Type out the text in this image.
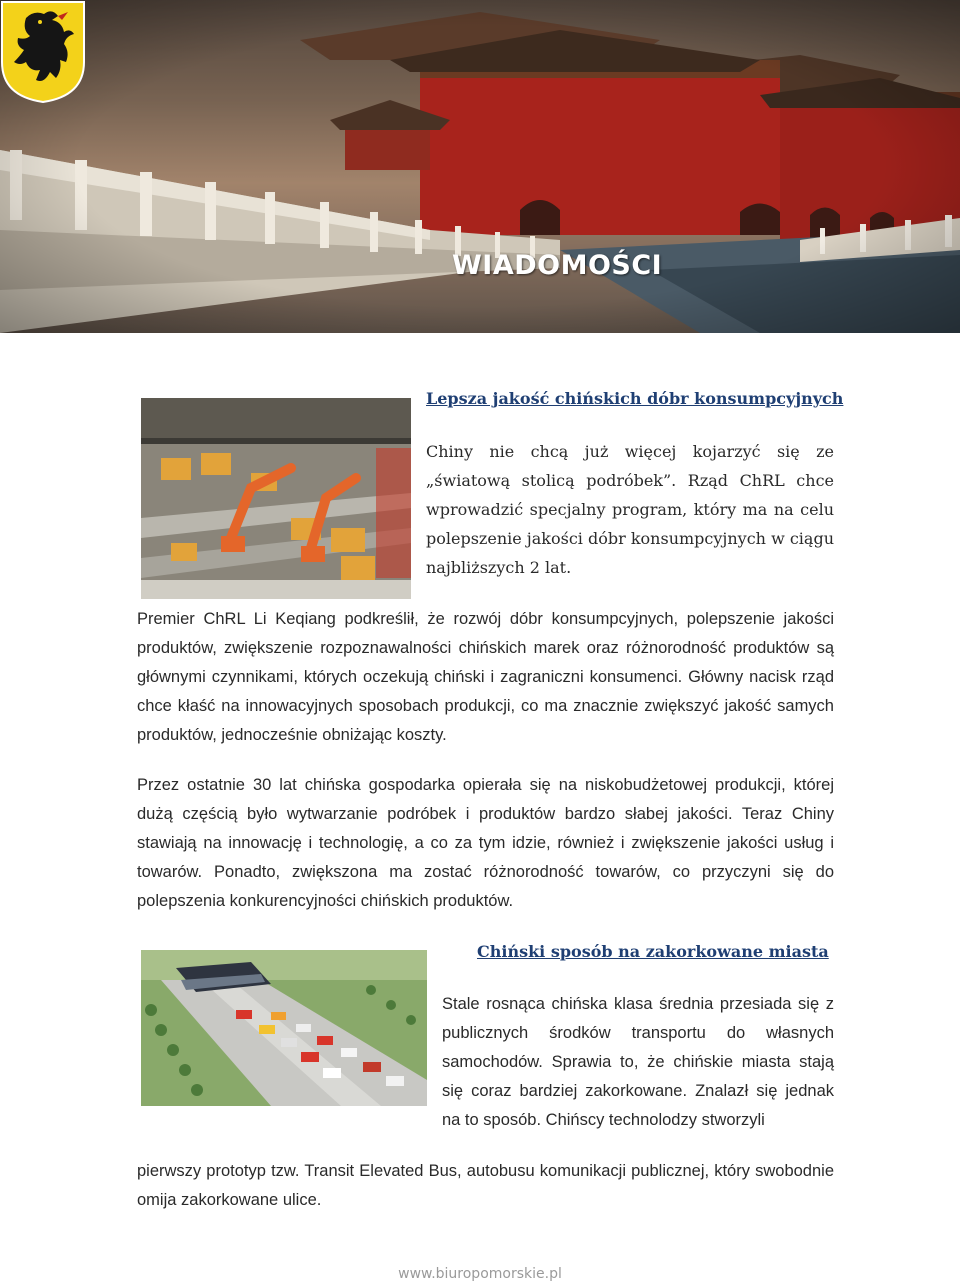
WIADOMOŚCI
Lepsza jakość chińskich dóbr konsumpcyjnych

Chiny nie chcą już więcej kojarzyć się ze „światową stolicą podróbek”. Rząd ChRL chce wprowadzić specjalny program, który ma na celu polepszenie jakości dóbr konsumpcyjnych w ciągu najbliższych 2 lat.

Premier ChRL Li Keqiang podkreślił, że rozwój dóbr konsumpcyjnych, polepszenie jakości produktów, zwiększenie rozpoznawalności chińskich marek oraz różnorodność produktów są głównymi czynnikami, których oczekują chiński i zagraniczni konsumenci. Główny nacisk rząd chce kłaść na innowacyjnych sposobach produkcji, co ma znacznie zwiększyć jakość samych produktów, jednocześnie obniżając koszty.

Przez ostatnie 30 lat chińska gospodarka opierała się na niskobudżetowej produkcji, której dużą częścią było wytwarzanie podróbek i produktów bardzo słabej jakości. Teraz Chiny stawiają na innowację i technologię, a co za tym idzie, również i zwiększenie jakości usług i towarów. Ponadto, zwiększona ma zostać różnorodność towarów, co przyczyni się do polepszenia konkurencyjności chińskich produktów.

Chiński sposób na zakorkowane miasta

Stale rosnąca chińska klasa średnia przesiada się z publicznych środków transportu do własnych samochodów. Sprawia to, że chińskie miasta stają się coraz bardziej zakorkowane. Znalazł się jednak na to sposób. Chińscy technolodzy stworzyli

pierwszy prototyp tzw. Transit Elevated Bus, autobusu komunikacji publicznej, który swobodnie omija zakorkowane ulice.

www.biuropomorskie.pl
